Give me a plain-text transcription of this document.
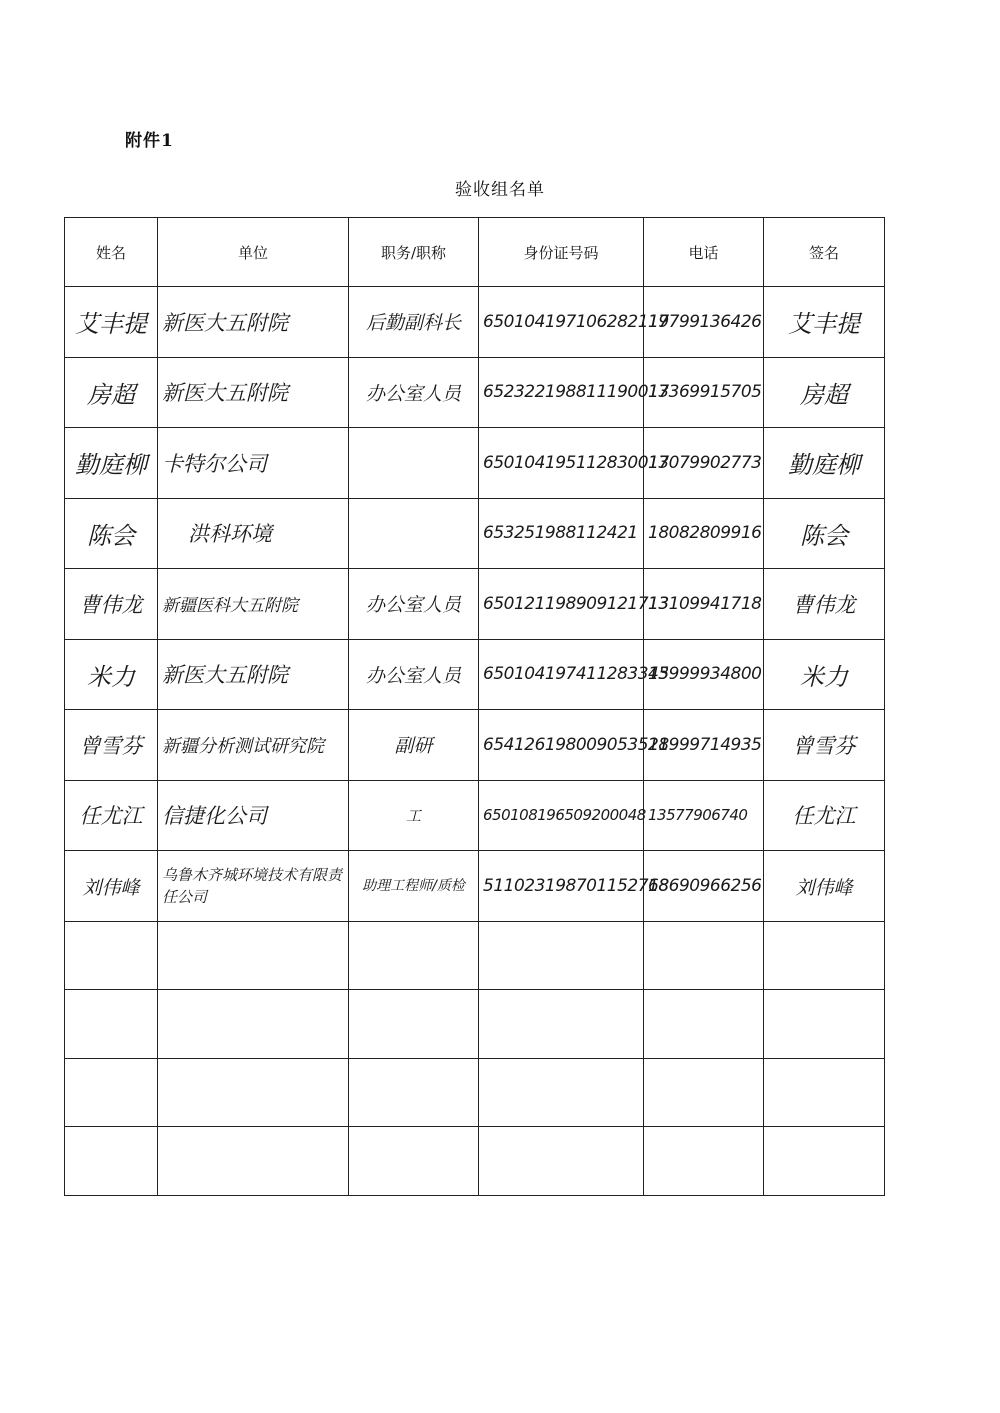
附件1
验收组名单
姓名	单位	职务/职称	身份证号码	电话	签名
艾丰提	新医大五附院	后勤副科长	650104197106282119	17799136426	艾丰提
房超	新医大五附院	办公室人员	652322198811190017	13369915705	房超
勤庭柳	卡特尔公司		650104195112830017	13079902773	勤庭柳
陈会	洪科环境		653251988112421	18082809916	陈会
曹伟龙	新疆医科大五附院	办公室人员	650121198909121713	13109941718	曹伟龙
米力	新医大五附院	办公室人员	650104197411283345	13999934800	米力
曾雪芬	新疆分析测试研究院	副研	654126198009053521	18999714935	曾雪芬
任尤江	信捷化公司	工	650108196509200048	13577906740	任尤江
刘伟峰	乌鲁木齐城环境技术有限责任公司	助理工程师/质检	511023198701152768	18690966256	刘伟峰
